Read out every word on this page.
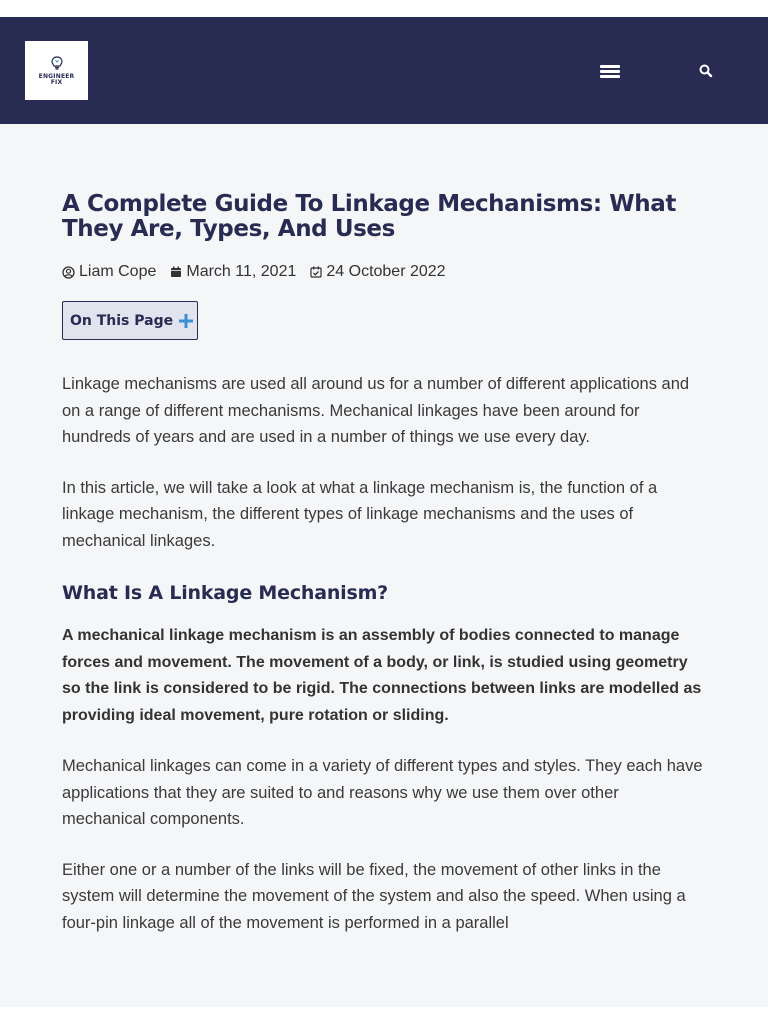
ENGINEER
FIX
A Complete Guide To Linkage Mechanisms: What They Are, Types, And Uses
Liam Cope March 11, 2021 24 October 2022
On This Page

Linkage mechanisms are used all around us for a number of different applications and on a range of different mechanisms. Mechanical linkages have been around for hundreds of years and are used in a number of things we use every day.

In this article, we will take a look at what a linkage mechanism is, the function of a linkage mechanism, the different types of linkage mechanisms and the uses of mechanical linkages.

What Is A Linkage Mechanism?

A mechanical linkage mechanism is an assembly of bodies connected to manage forces and movement. The movement of a body, or link, is studied using geometry so the link is considered to be rigid. The connections between links are modelled as providing ideal movement, pure rotation or sliding.

Mechanical linkages can come in a variety of different types and styles. They each have applications that they are suited to and reasons why we use them over other mechanical components.

Either one or a number of the links will be fixed, the movement of other links in the system will determine the movement of the system and also the speed. When using a four-pin linkage all of the movement is performed in a parallel
